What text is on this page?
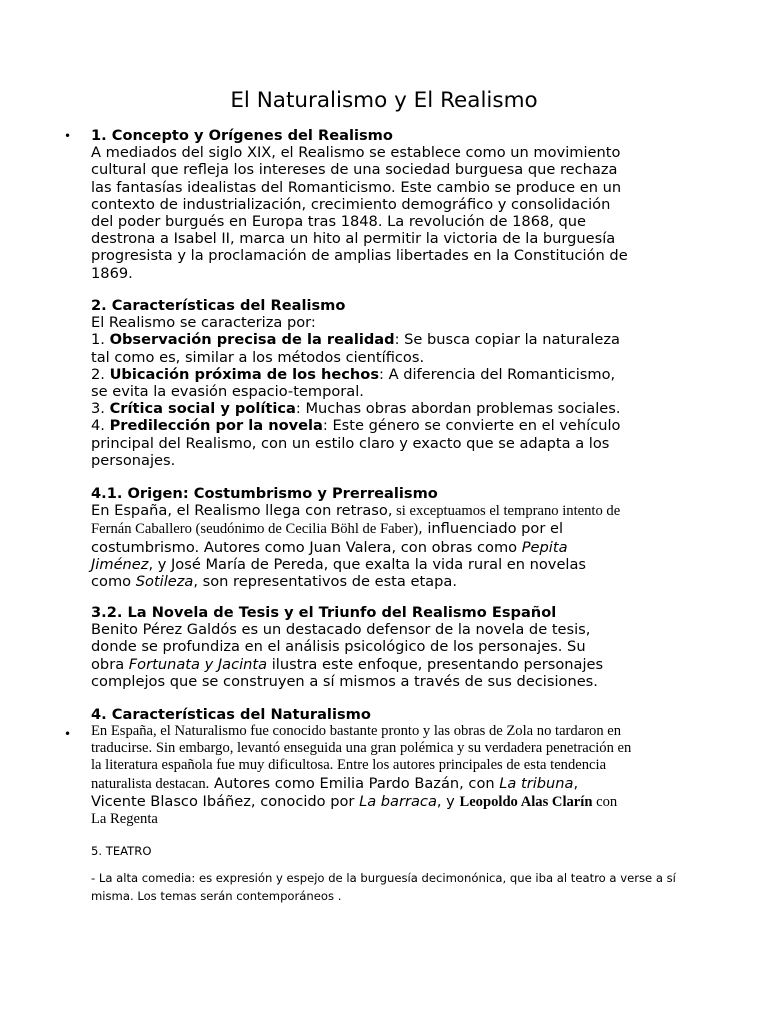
El Naturalismo y El Realismo
• 1. Concepto y Orígenes del Realismo

A mediados del siglo XIX, el Realismo se establece como un movimiento

cultural que refleja los intereses de una sociedad burguesa que rechaza

las fantasías idealistas del Romanticismo. Este cambio se produce en un

contexto de industrialización, crecimiento demográfico y consolidación

del poder burgués en Europa tras 1848. La revolución de 1868, que

destrona a Isabel II, marca un hito al permitir la victoria de la burguesía

progresista y la proclamación de amplias libertades en la Constitución de

1869.

2. Características del Realismo

El Realismo se caracteriza por:

1. Observación precisa de la realidad: Se busca copiar la naturaleza

tal como es, similar a los métodos científicos.

2. Ubicación próxima de los hechos: A diferencia del Romanticismo,

se evita la evasión espacio-temporal.

3. Crítica social y política: Muchas obras abordan problemas sociales.

4. Predilección por la novela: Este género se convierte en el vehículo

principal del Realismo, con un estilo claro y exacto que se adapta a los

personajes.

4.1. Origen: Costumbrismo y Prerrealismo

En España, el Realismo llega con retraso, si exceptuamos el temprano intento de

Fernán Caballero (seudónimo de Cecilia Böhl de Faber), influenciado por el

costumbrismo. Autores como Juan Valera, con obras como Pepita

Jiménez, y José María de Pereda, que exalta la vida rural en novelas

como Sotileza, son representativos de esta etapa.

3.2. La Novela de Tesis y el Triunfo del Realismo Español

Benito Pérez Galdós es un destacado defensor de la novela de tesis,

donde se profundiza en el análisis psicológico de los personajes. Su

obra Fortunata y Jacinta ilustra este enfoque, presentando personajes

complejos que se construyen a sí mismos a través de sus decisiones.

4. Características del Naturalismo

• En España, el Naturalismo fue conocido bastante pronto y las obras de Zola no tardaron en

traducirse. Sin embargo, levantó enseguida una gran polémica y su verdadera penetración en

la literatura española fue muy dificultosa. Entre los autores principales de esta tendencia

naturalista destacan. Autores como Emilia Pardo Bazán, con La tribuna,

Vicente Blasco Ibáñez, conocido por La barraca, y Leopoldo Alas Clarín con

La Regenta

5. TEATRO

- La alta comedia: es expresión y espejo de la burguesía decimonónica, que iba al teatro a verse a sí

misma. Los temas serán contemporáneos .
